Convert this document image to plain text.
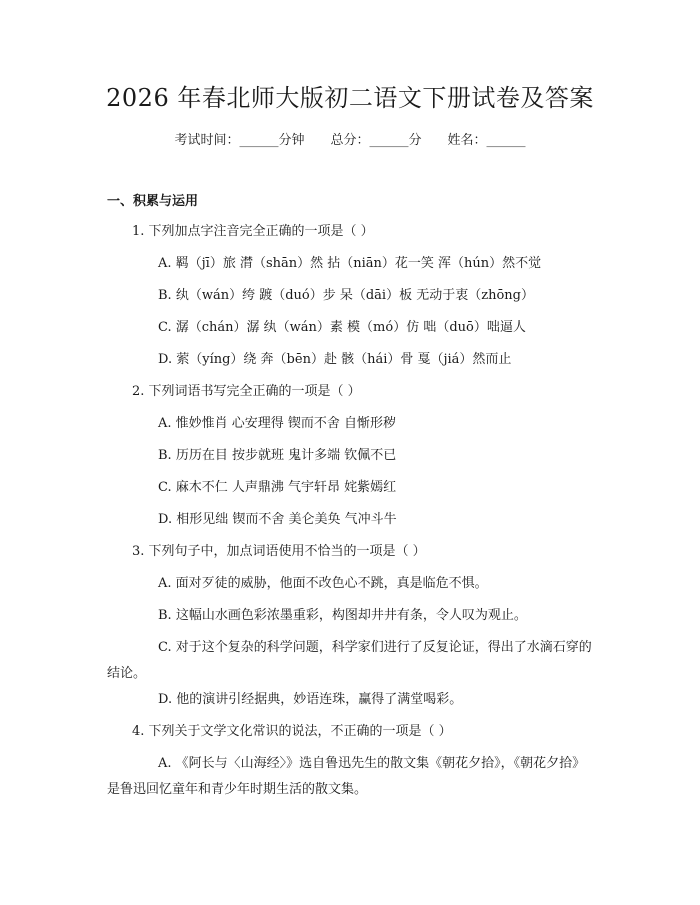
2026 年春北师大版初二语文下册试卷及答案
考试时间：______分钟 总分：______分 姓名：______
一、积累与运用
1. 下列加点字注音完全正确的一项是（ ）
A. 羁（jī）旅 潸（shān）然 拈（niān）花一笑 浑（hún）然不觉
B. 纨（wán）绔 踱（duó）步 呆（dāi）板 无动于衷（zhōng）
C. 潺（chán）潺 纨（wán）素 模（mó）仿 咄（duō）咄逼人
D. 萦（yíng）绕 奔（bēn）赴 骸（hái）骨 戛（jiá）然而止
2. 下列词语书写完全正确的一项是（ ）
A. 惟妙惟肖 心安理得 锲而不舍 自惭形秽
B. 历历在目 按步就班 鬼计多端 钦佩不已
C. 麻木不仁 人声鼎沸 气宇轩昂 姹紫嫣红
D. 相形见绌 锲而不舍 美仑美奂 气冲斗牛
3. 下列句子中，加点词语使用不恰当的一项是（ ）
A. 面对歹徒的威胁，他面不改色心不跳，真是临危不惧。
B. 这幅山水画色彩浓墨重彩，构图却井井有条，令人叹为观止。
C. 对于这个复杂的科学问题，科学家们进行了反复论证，得出了水滴石穿的结论。
D. 他的演讲引经据典，妙语连珠，赢得了满堂喝彩。
4. 下列关于文学文化常识的说法，不正确的一项是（ ）
A. 《阿长与〈山海经〉》选自鲁迅先生的散文集《朝花夕拾》，《朝花夕拾》是鲁迅回忆童年和青少年时期生活的散文集。
